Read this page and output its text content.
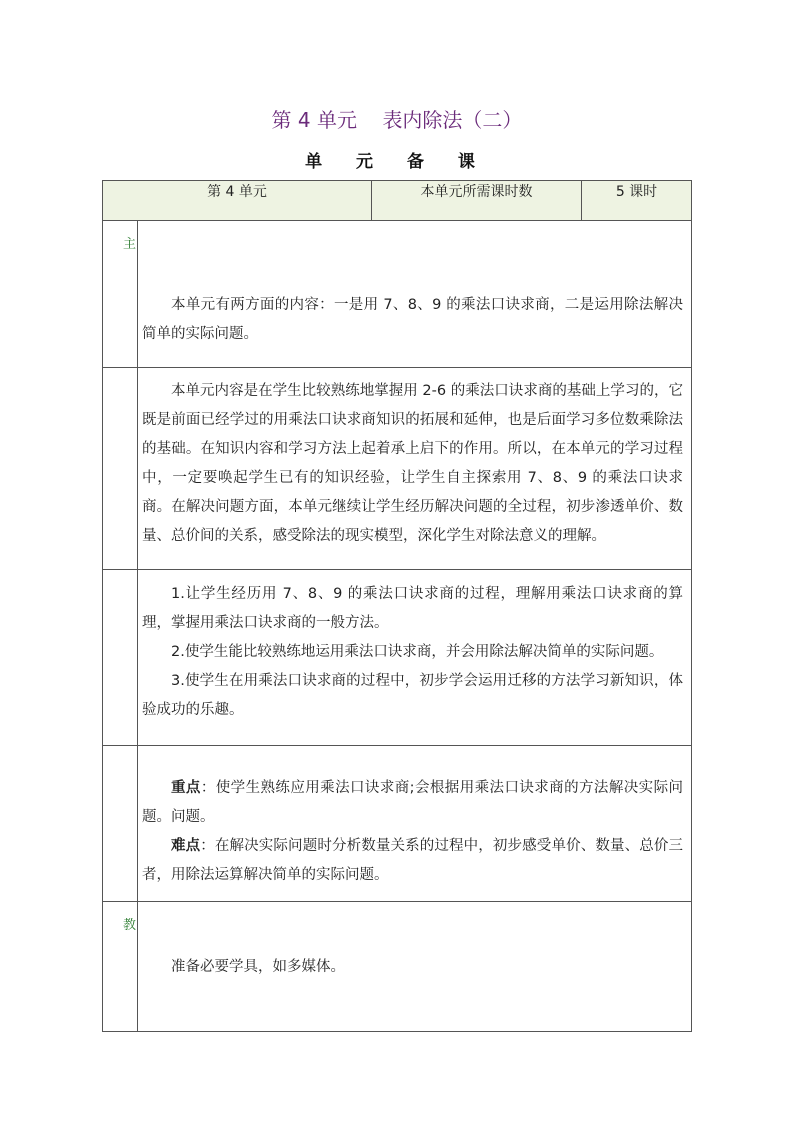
第 4 单元 表内除法（二）
单 元 备 课
第 4 单元		本单元所需课时数	5 课时

主	本单元有两方面的内容：一是用 7、8、9 的乘法口诀求商，二是运用除法解决简单的实际问题。		

	本单元内容是在学生比较熟练地掌握用 2-6 的乘法口诀求商的基础上学习的，它既是前面已经学过的用乘法口诀求商知识的拓展和延伸，也是后面学习多位数乘除法的基础。在知识内容和学习方法上起着承上启下的作用。所以，在本单元的学习过程中，一定要唤起学生已有的知识经验，让学生自主探索用 7、8、9 的乘法口诀求商。在解决问题方面，本单元继续让学生经历解决问题的全过程，初步渗透单价、数量、总价间的关系，感受除法的现实模型，深化学生对除法意义的理解。		

	1.让学生经历用 7、8、9 的乘法口诀求商的过程，理解用乘法口诀求商的算理，掌握用乘法口诀求商的一般方法。

2.使学生能比较熟练地运用乘法口诀求商，并会用除法解决简单的实际问题。

3.使学生在用乘法口诀求商的过程中，初步学会运用迁移的方法学习新知识，体验成功的乐趣。		

	重点：使学生熟练应用乘法口诀求商;会根据用乘法口诀求商的方法解决实际问题。问题。

难点：在解决实际问题时分析数量关系的过程中，初步感受单价、数量、总价三者，用除法运算解决简单的实际问题。		

教	准备必要学具，如多媒体。		
